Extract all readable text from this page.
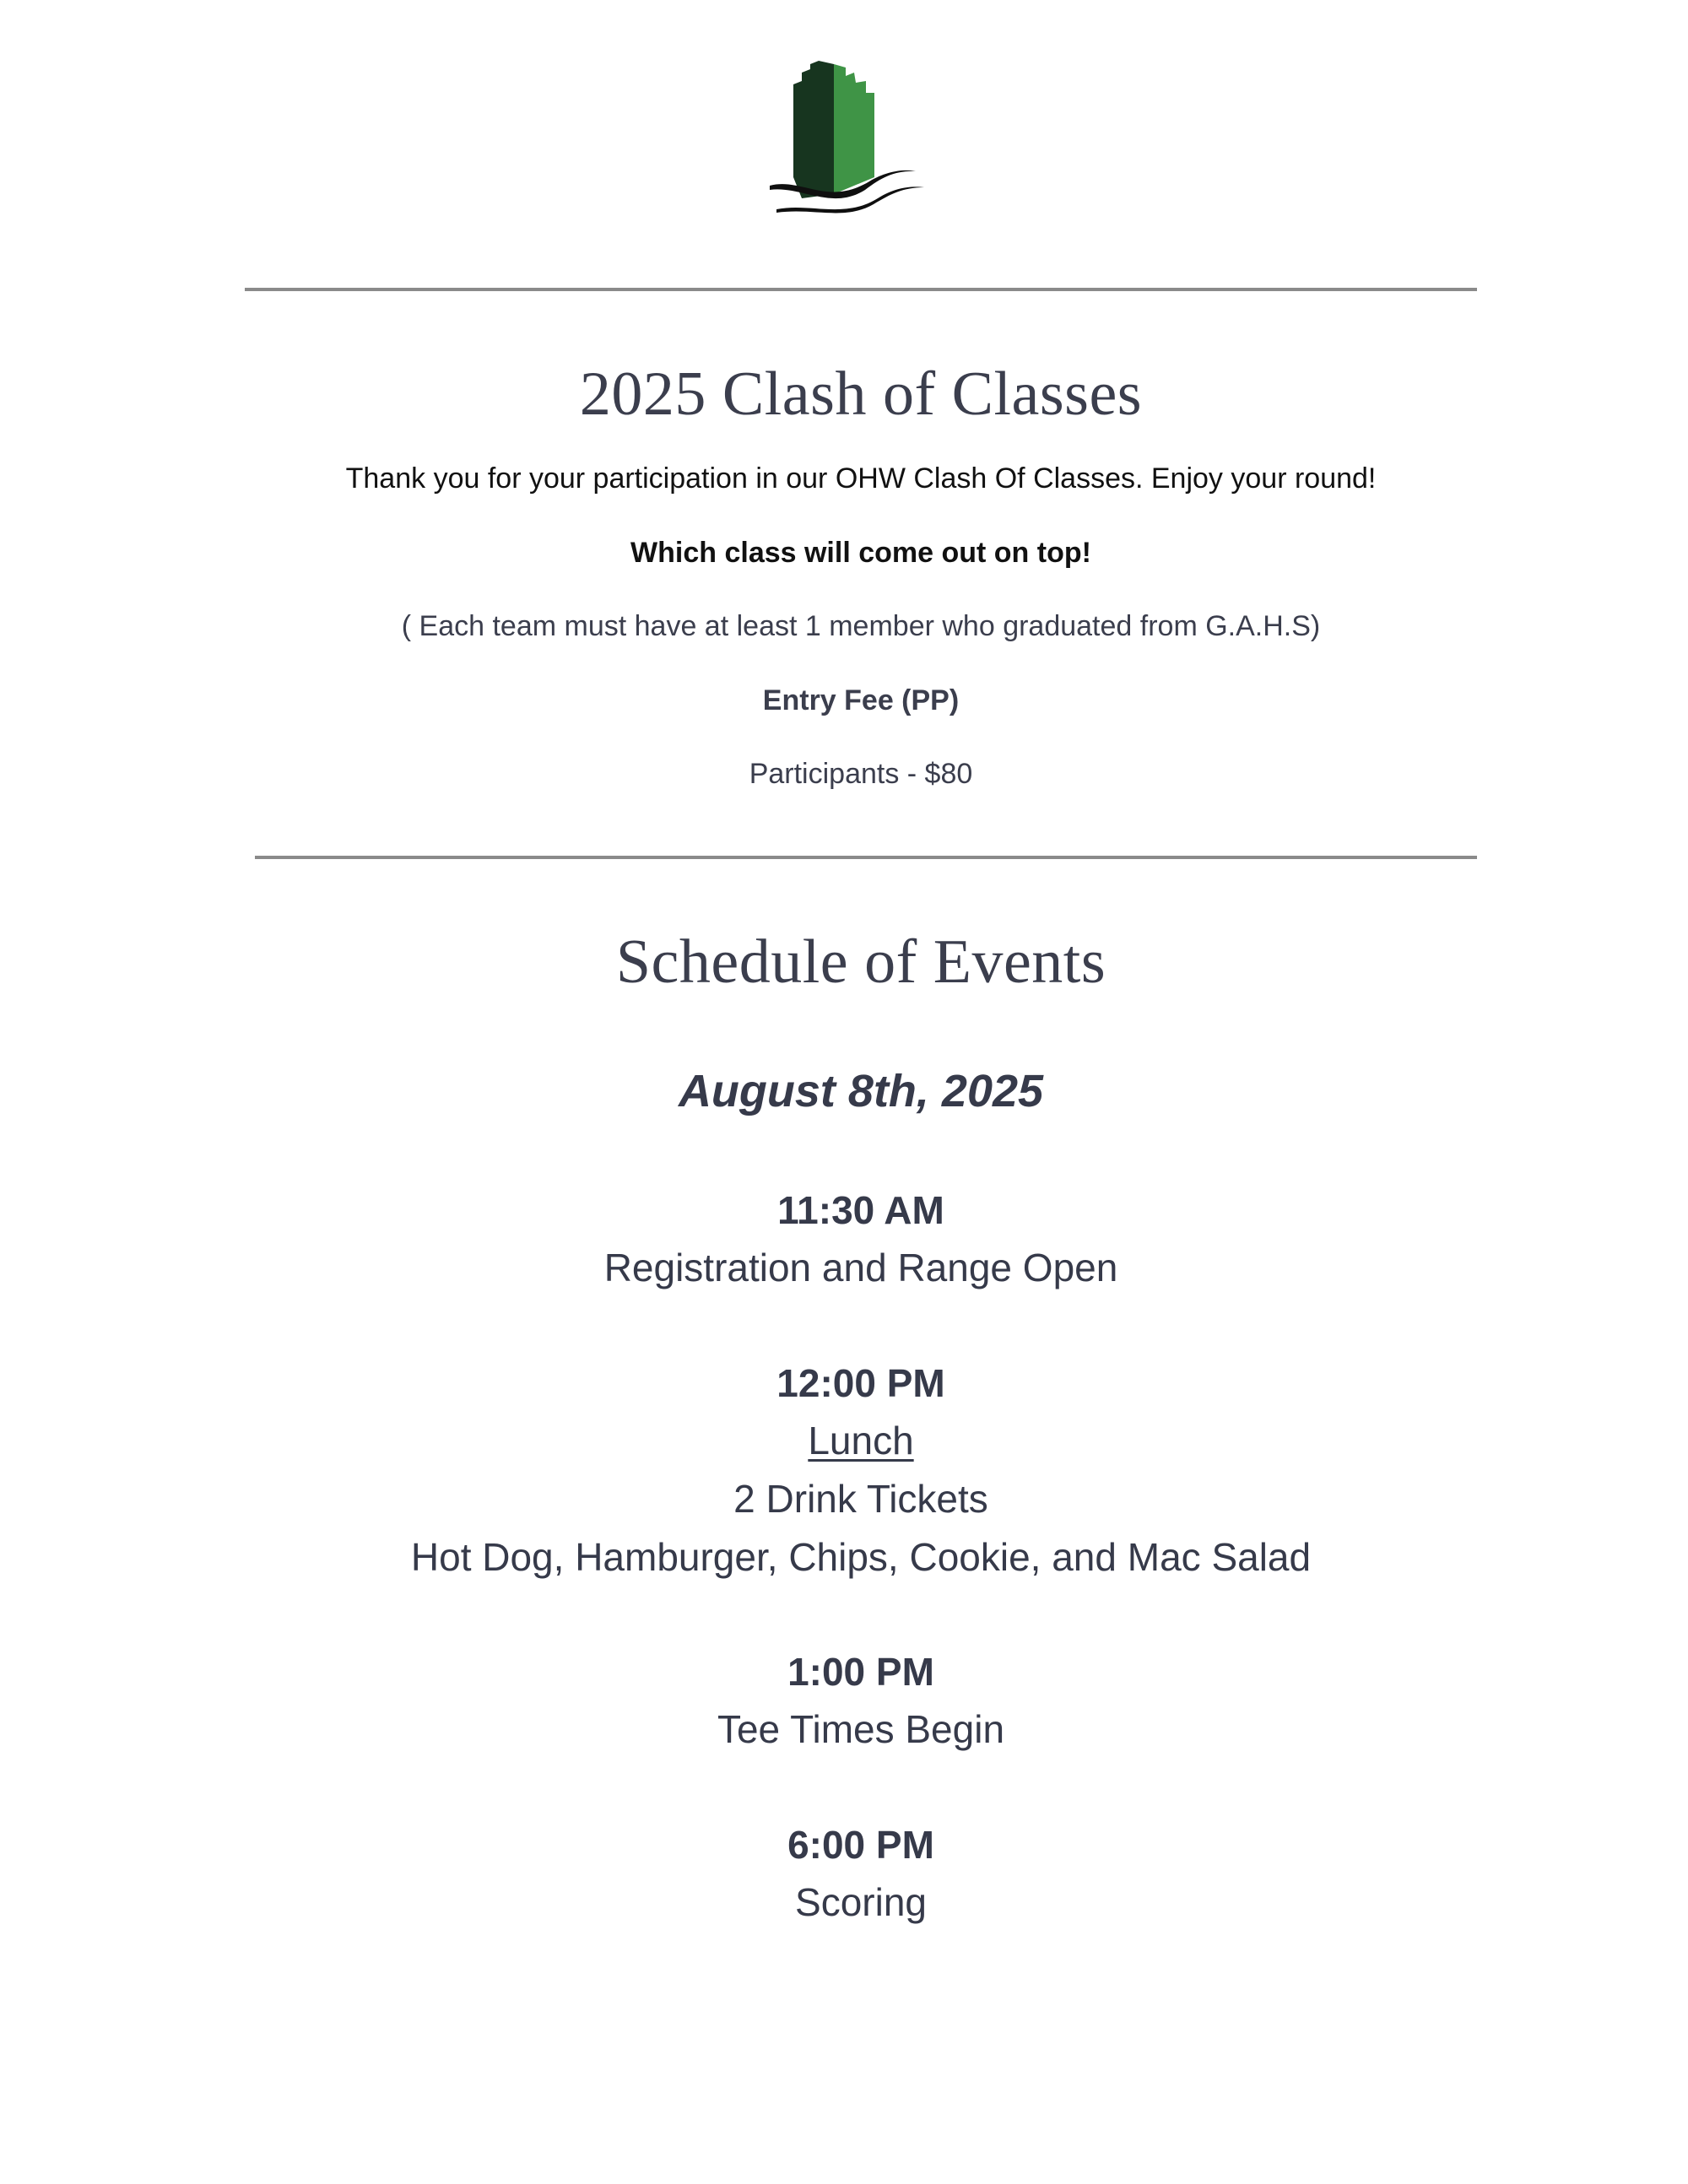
2025 Clash of Classes
Thank you for your participation in our OHW Clash Of Classes. Enjoy your round!
Which class will come out on top!
( Each team must have at least 1 member who graduated from G.A.H.S)
Entry Fee (PP)
Participants - $80
Schedule of Events
August 8th, 2025
11:30 AM
Registration and Range Open
12:00 PM
Lunch
2 Drink Tickets
Hot Dog, Hamburger, Chips, Cookie, and Mac Salad
1:00 PM
Tee Times Begin
6:00 PM
Scoring
